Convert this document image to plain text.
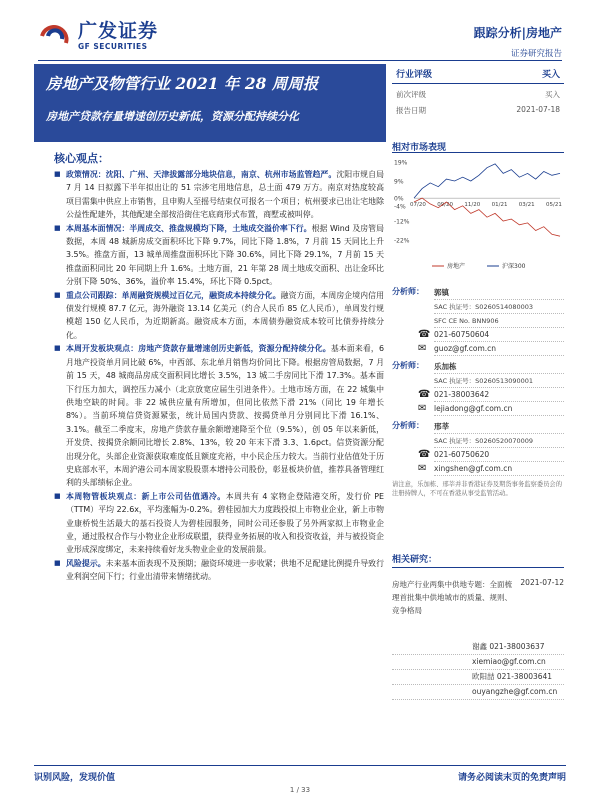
广发证券
GF SECURITIES
跟踪分析|房地产
证券研究报告
房地产及物管行业 2021 年 28 周周报
房地产贷款存量增速创历史新低，资源分配持续分化
行业评级	买入
前次评级	买入
报告日期	2021-07-18
相对市场表现
19%
9%
0%
-4%
-12%
-22%
07/20 09/20 11/20 01/21 03/21 05/21
房地产	沪深300
核心观点：
■ 政策情况：沈阳、广州、天津拔露部分地块信息，南京、杭州市场监管趋严。沈阳市规自局 7 月 14 日拟露下半年拟出让的 51 宗涉宅用地信息，总土面 479 万方。南京对热度较高项目需集中供应上市销售，且申购人至摇号结束仅可报名一个项目；杭州要求已出让宅地除公益性配建外，其他配建全部按沿街住宅底商形式布置，商墅或被叫停。
■ 本周基本面情况：半周成交、推盘规模均下降，土地成交溢价率下行。根据 Wind 及房管局数据，本周 48 城新房成交面积环比下降 9.7%，同比下降 1.8%，7 月前 15 天同比上升 3.5%。推盘方面，13 城单周推盘面积环比下降 30.6%，同比下降 29.1%，7 月前 15 天推盘面积同比 20 年同期上升 1.6%。土地方面，21 年第 28 周土地成交面积、出让金环比分别下降 50%、36%，溢价率 15.4%，环比下降 0.5pct。
■ 重点公司跟踪：单周融资规模过百亿元，融资成本持续分化。融资方面，本周房企境内信用债发行规模 87.7 亿元，海外融资 13.14 亿美元（约合人民币 85 亿人民币），单周发行规模超 150 亿人民币，为近期新高。融资成本方面，本周债券融资成本较可比债券持续分化。
■ 本周开发板块观点：房地产贷款存量增速创历史新低，资源分配持续分化。基本面来看，6 月地产投资单月同比破 6%，中西部、东北单月销售均价同比下降。根据房管局数据，7 月前 15 天，48 城商品房成交面积同比增长 3.5%，13 城二手房同比下滑 17.3%。基本面下行压力加大，调控压力减小（北京放宽应届生引进条件）。土地市场方面，在 22 城集中供地空缺的时间。非 22 城供应量有所增加，但同比依然下滑 21%（同比 19 年增长 8%）。当前环境信贷资源紧张，统计局国内贷款、按揭贷单月分别同比下滑 16.1%、3.1%。截至二季度末，房地产贷款存量余额增速降至个位（9.5%），创 05 年以来新低，开发贷、按揭贷余额同比增长 2.8%、13%，较 20 年末下滑 3.3、1.6pct。信贷资源分配出现分化，头部企业资源获取难度低且额度充裕，中小民企压力较大。当前行业估值处于历史底部水平，本周沪港公司本周家股股票本增持公司股份，彰显板块价值，推荐具备管理红利的头部绩标企业。
■ 本周物管板块观点：新上市公司估值遇冷。本周共有 4 家物企登陆港交所，发行价 PE（TTM）平均 22.6x，平均涨幅为-0.2%。碧桂园加大力度践投拟上市物业企业，新上市物业康桥悦生活最大的基石投资人为碧桂园服务，同时公司还参股了另外两家拟上市物业企业，通过股权合作与小物业企业形成联盟，获得业务拓展的收入和投资收益，并与被投资企业形成深度绑定，未来持续看好龙头物业企业的发展前景。
■ 风险提示。未来基本面表现不及预期；融资环境进一步收紧；供地不足配建比例提升导致行业利润空间下行；行业出清带来情绪扰动。
分析师： 郭镇
SAC 执证号：S0260514080003
SFC CE No. BNN906
☎ 021-60750604
✉	guoz@gf.com.cn
分析师： 乐加栋
SAC 执证号：S0260513090001
☎ 021-38003642
✉	lejiadong@gf.com.cn
分析师： 邢莘
SAC 执证号：S0260520070009
☎ 021-60750620
✉	xingshen@gf.com.cn
请注意，乐加栋、邢莘并非香港证券及期货事务监察委员会的注册持牌人，不可在香港从事受监管活动。
相关研究：
房地产行业两集中供地专题：全面梳理首批集中供地城市的质量、规则、竞争格局
2021-07-12
谢鑫 021-38003637
xiemiao@gf.com.cn
欧阳喆 021-38003641
ouyangzhe@gf.com.cn
识别风险，发现价值	请务必阅读末页的免责声明
1 / 33
